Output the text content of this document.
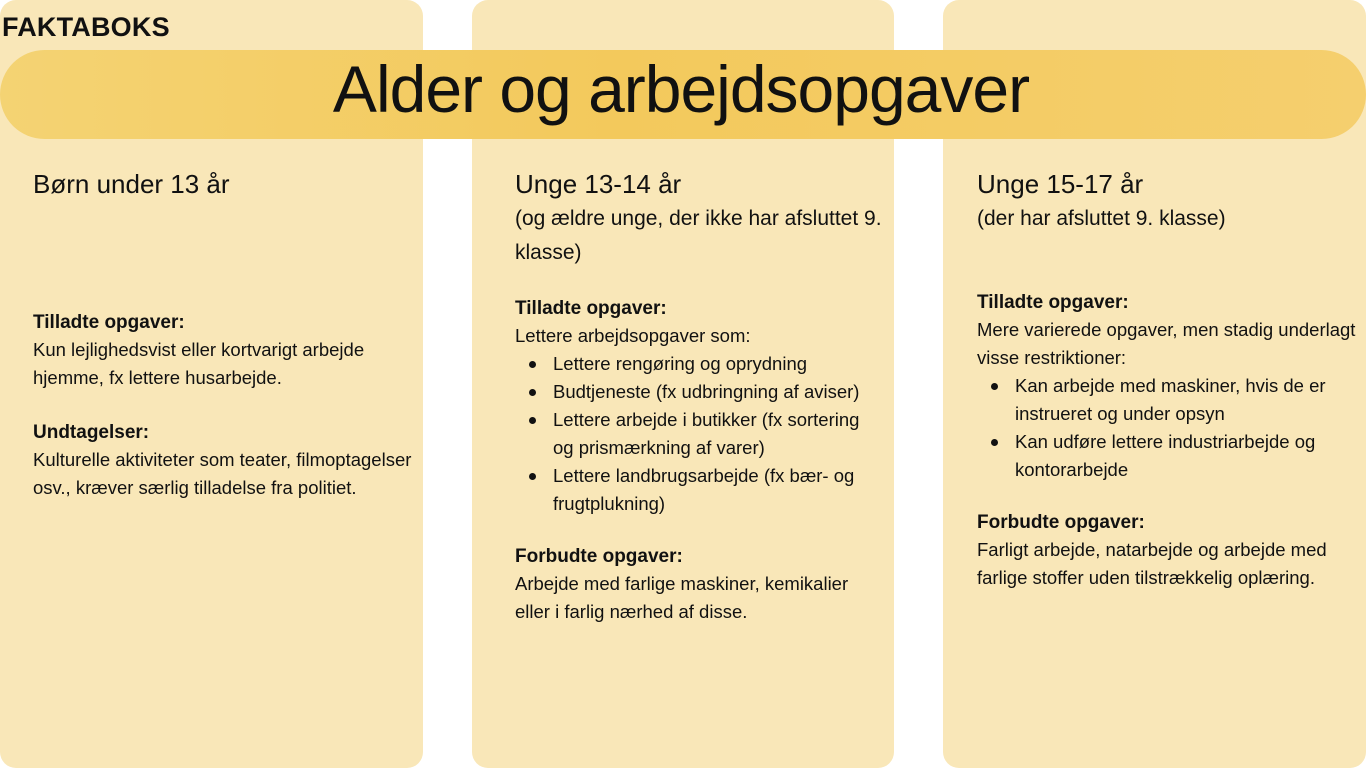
FAKTABOKS
Alder og arbejdsopgaver
Børn under 13 år
Tilladte opgaver:
Kun lejlighedsvist eller kortvarigt arbejde hjemme, fx lettere husarbejde.
Undtagelser:
Kulturelle aktiviteter som teater, filmoptagelser osv., kræver særlig tilladelse fra politiet.
Unge 13-14 år
(og ældre unge, der ikke har afsluttet 9. klasse)
Tilladte opgaver:
Lettere arbejdsopgaver som:
Lettere rengøring og oprydning
Budtjeneste (fx udbringning af aviser)
Lettere arbejde i butikker (fx sortering og prismærkning af varer)
Lettere landbrugsarbejde (fx bær- og frugtplukning)
Forbudte opgaver:
Arbejde med farlige maskiner, kemikalier eller i farlig nærhed af disse.
Unge 15-17 år
(der har afsluttet 9. klasse)
Tilladte opgaver:
Mere varierede opgaver, men stadig underlagt visse restriktioner:
Kan arbejde med maskiner, hvis de er instrueret og under opsyn
Kan udføre lettere industriarbejde og kontorarbejde
Forbudte opgaver:
Farligt arbejde, natarbejde og arbejde med farlige stoffer uden tilstrækkelig oplæring.
